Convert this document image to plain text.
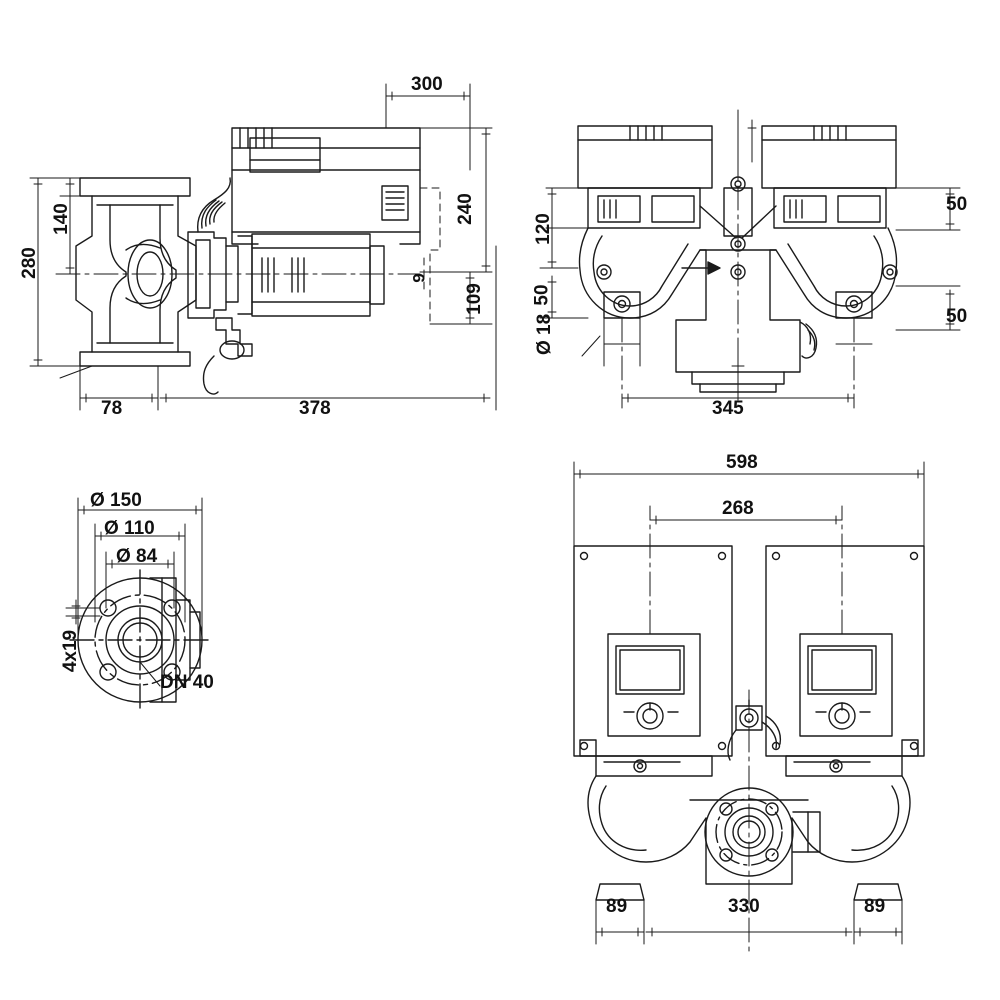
280
140
78	378
300
240
109
9
120
50
50
50
Ø 18
345
Ø 150
Ø 110
Ø 84
4x19
DN 40
598
268
89	330	89
